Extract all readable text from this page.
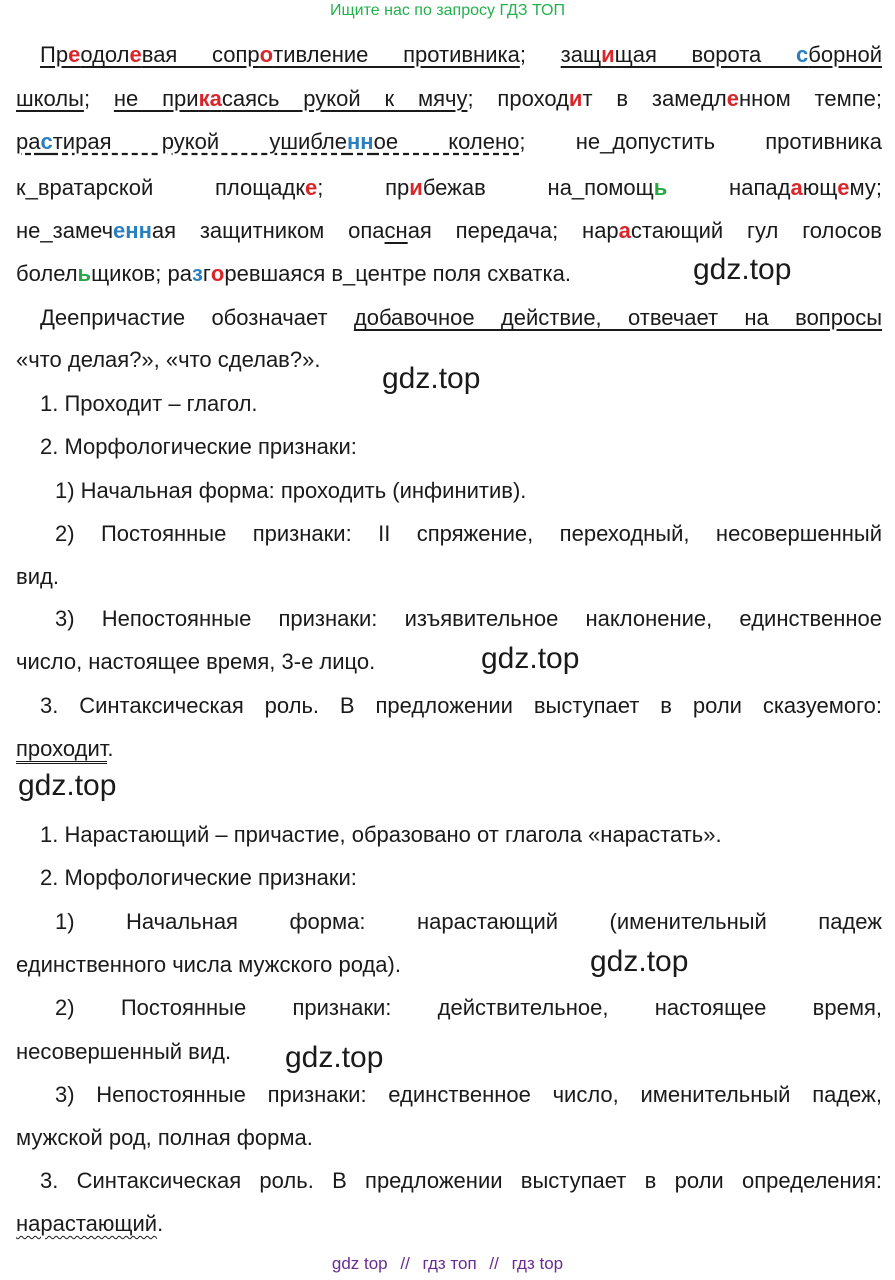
Ищите нас по запросу ГДЗ ТОП
Преодолевая сопротивление противника; защищая ворота сборной
школы; не прикасаясь рукой к мячу; проходит в замедленном темпе;
растирая рукой ушибленное колено; не_допустить противника
к_вратарской площадке; прибежав на_помощь нападающему;
не_замеченная защитником опасная передача; нарастающий гул голосов
болельщиков; разгоревшаяся в_центре поля схватка.	gdz.top
Деепричастие обозначает добавочное действие, отвечает на вопросы
«что делая?», «что сделав?».
gdz.top
1. Проходит – глагол.
2. Морфологические признаки:
1) Начальная форма: проходить (инфинитив).
2) Постоянные признаки: II спряжение, переходный, несовершенный
вид.
3) Непостоянные признаки: изъявительное наклонение, единственное
число, настоящее время, 3-е лицо.	gdz.top
3. Синтаксическая роль. В предложении выступает в роли сказуемого:
проходит.
gdz.top
1. Нарастающий – причастие, образовано от глагола «нарастать».
2. Морфологические признаки:
1) Начальная форма: нарастающий (именительный падеж
единственного числа мужского рода).	gdz.top
2) Постоянные признаки: действительное, настоящее время,
несовершенный вид.	gdz.top
3) Непостоянные признаки: единственное число, именительный падеж,
мужской род, полная форма.
3. Синтаксическая роль. В предложении выступает в роли определения:
нарастающий.
gdz top // гдз топ // гдз top
